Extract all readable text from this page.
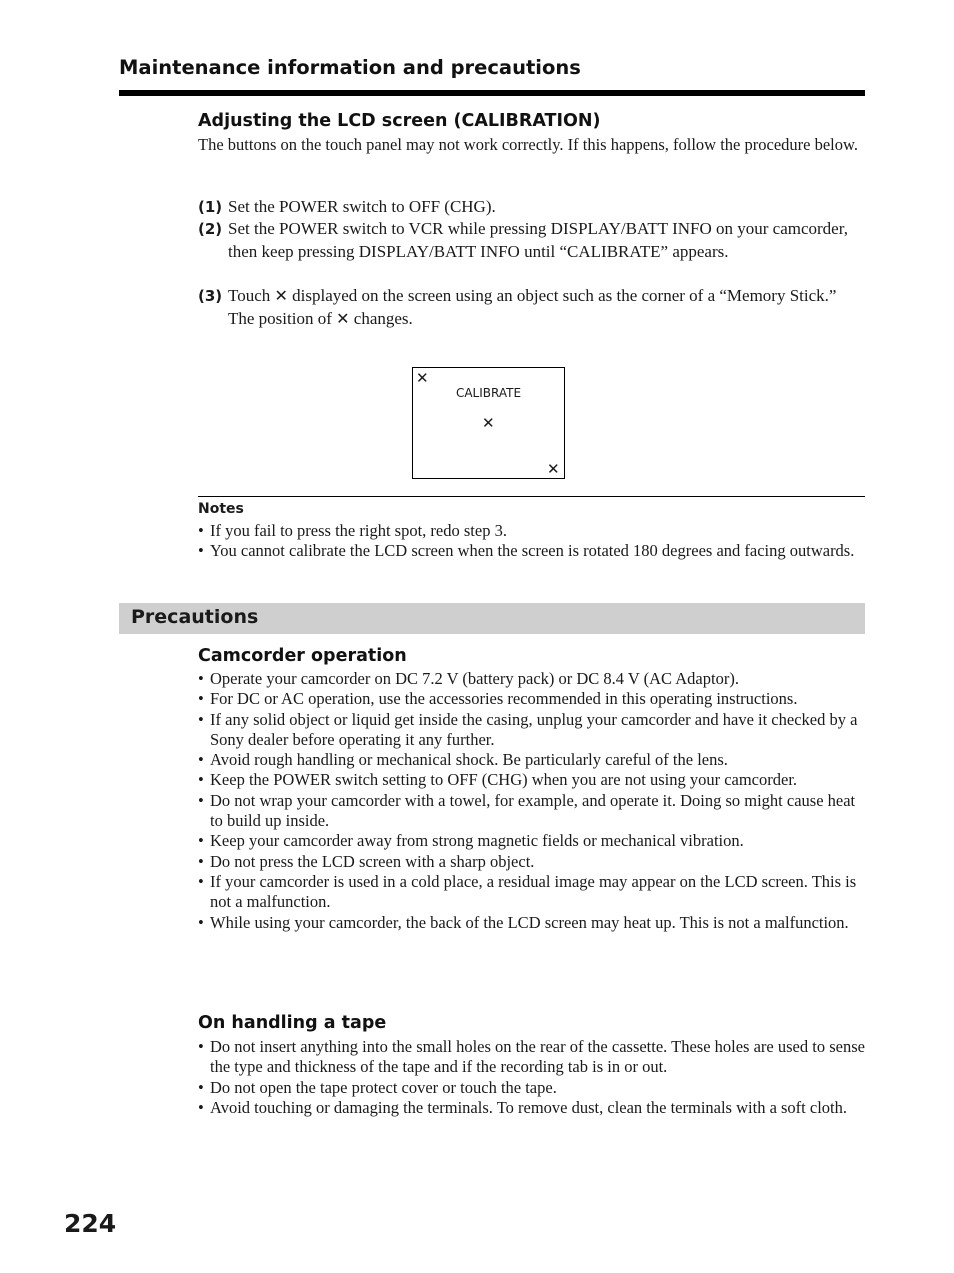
Maintenance information and precautions
Adjusting the LCD screen (CALIBRATION)
The buttons on the touch panel may not work correctly. If this happens, follow the procedure below.
(1) Set the POWER switch to OFF (CHG).
(2) Set the POWER switch to VCR while pressing DISPLAY/BATT INFO on your camcorder, then keep pressing DISPLAY/BATT INFO until “CALIBRATE” appears.
(3) Touch ✕ displayed on the screen using an object such as the corner of a “Memory Stick.”
The position of ✕ changes.
✕
CALIBRATE
✕
✕
Notes
• If you fail to press the right spot, redo step 3.
• You cannot calibrate the LCD screen when the screen is rotated 180 degrees and facing outwards.
Precautions
Camcorder operation
• Operate your camcorder on DC 7.2 V (battery pack) or DC 8.4 V (AC Adaptor).
• For DC or AC operation, use the accessories recommended in this operating instructions.
• If any solid object or liquid get inside the casing, unplug your camcorder and have it checked by a Sony dealer before operating it any further.
• Avoid rough handling or mechanical shock. Be particularly careful of the lens.
• Keep the POWER switch setting to OFF (CHG) when you are not using your camcorder.
• Do not wrap your camcorder with a towel, for example, and operate it. Doing so might cause heat to build up inside.
• Keep your camcorder away from strong magnetic fields or mechanical vibration.
• Do not press the LCD screen with a sharp object.
• If your camcorder is used in a cold place, a residual image may appear on the LCD screen. This is not a malfunction.
• While using your camcorder, the back of the LCD screen may heat up. This is not a malfunction.
On handling a tape
• Do not insert anything into the small holes on the rear of the cassette. These holes are used to sense the type and thickness of the tape and if the recording tab is in or out.
• Do not open the tape protect cover or touch the tape.
• Avoid touching or damaging the terminals. To remove dust, clean the terminals with a soft cloth.
224
